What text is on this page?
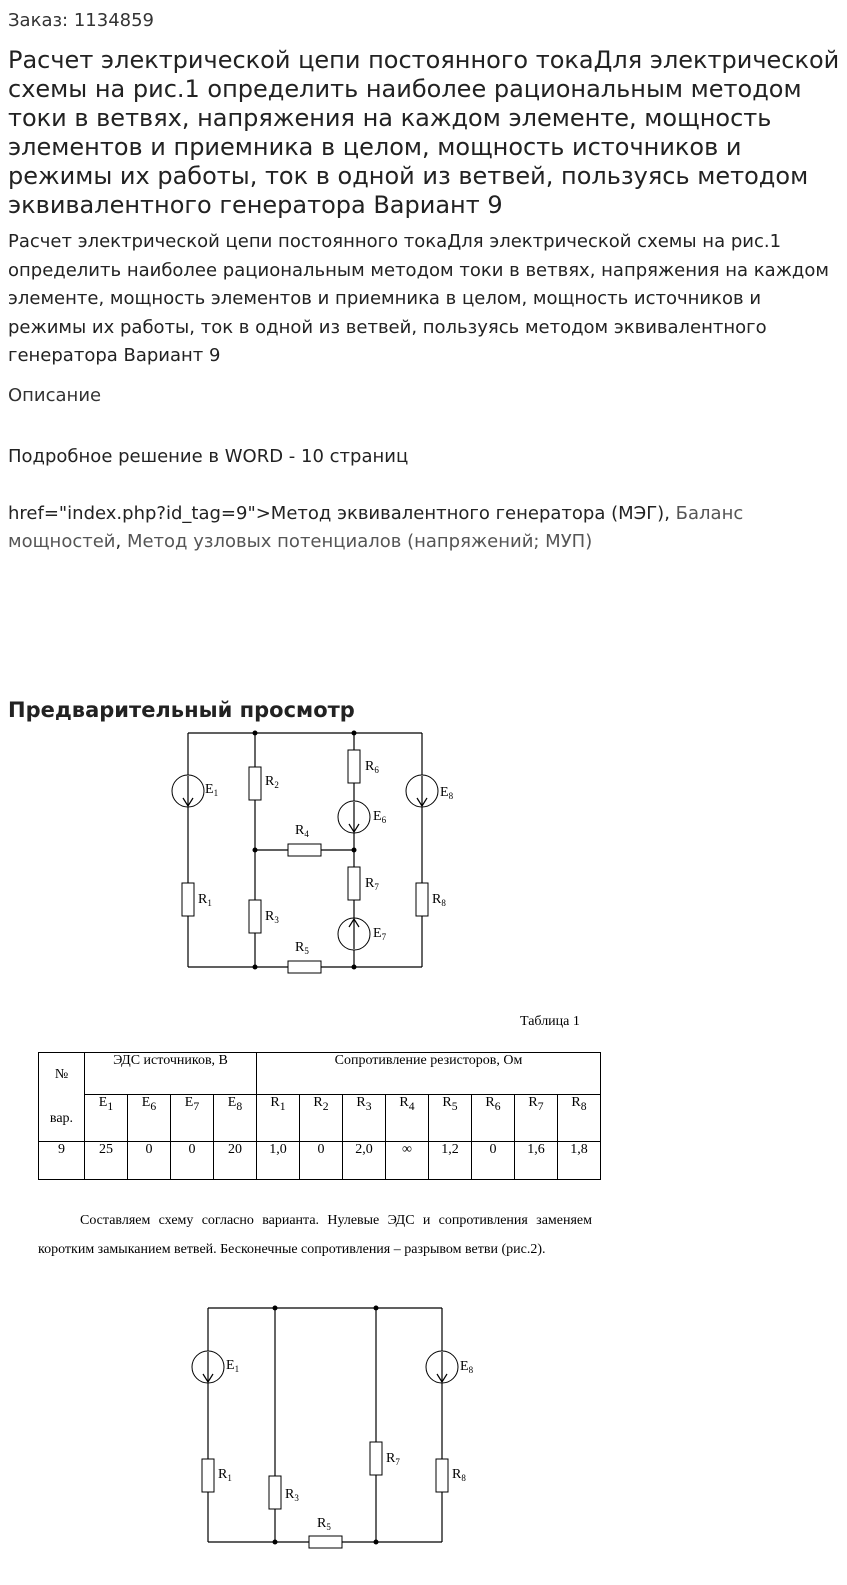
Заказ: 1134859
Расчет электрической цепи постоянного токаДля электрической схемы на рис.1 определить наиболее рациональным методом токи в ветвях, напряжения на каждом элементе, мощность элементов и приемника в целом, мощность источников и режимы их работы, ток в одной из ветвей, пользуясь методом эквивалентного генератора Вариант 9

Расчет электрической цепи постоянного токаДля электрической схемы на рис.1 определить наиболее рациональным методом токи в ветвях, напряжения на каждом элементе, мощность элементов и приемника в целом, мощность источников и режимы их работы, ток в одной из ветвей, пользуясь методом эквивалентного генератора Вариант 9

Описание
Подробное решение в WORD - 10 страниц
href="index.php?id_tag=9">Метод эквивалентного генератора (МЭГ), Баланс мощностей, Метод узловых потенциалов (напряжений; МУП)
Предварительный просмотр
$E_1$
$R_2$
$R_6$
$E_6$
$E_8$
$R_4$
$R_7$
$R_1$
$R_3$
$R_8$
$E_7$
$R_5$
$E_1$	$E_8$
$R_1$
$R_3$
$R_7$
$R_8$
$R_5$
Таблица 1
№
вар.	ЭДС источников, В				Сопротивление резисторов, Ом							
	$E_1$	$E_6$	$E_7$	$E_8$	$R_1$	$R_2$	$R_3$	$R_4$	$R_5$	$R_6$	$R_7$	$R_8$
9	25	0	0	20	1,0	0	2,0	∞	1,2	0	1,6	1,8

Составляем схему согласно варианта. Нулевые ЭДС и сопротивления заменяем коротким замыканием ветвей. Бесконечные сопротивления – разрывом ветви (рис.2).
